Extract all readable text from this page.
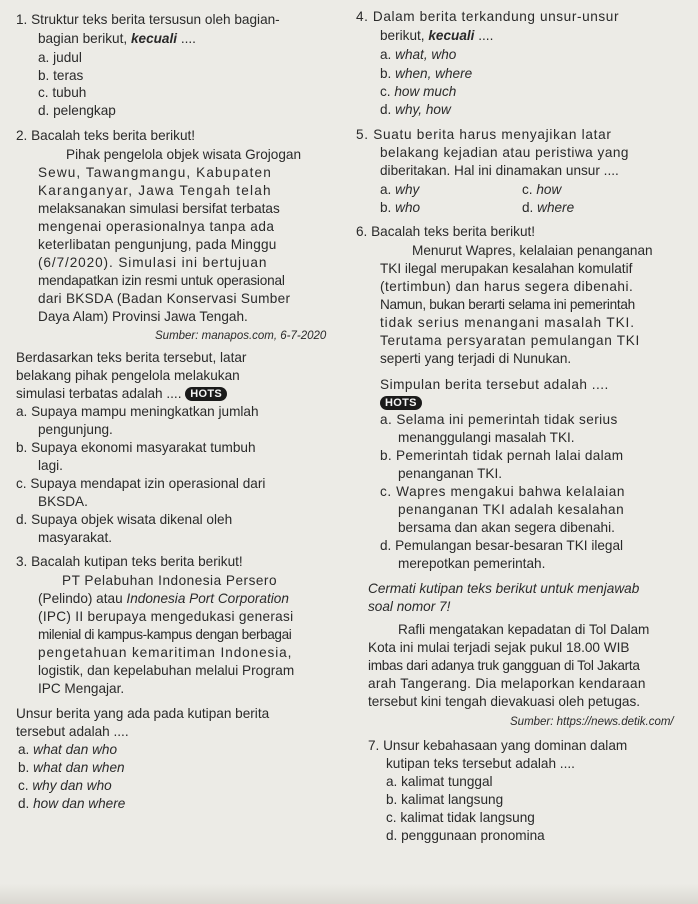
1. Struktur teks berita tersusun oleh bagian-
bagian berikut, kecuali ....
a. judul
b. teras
c. tubuh
d. pelengkap
2. Bacalah teks berita berikut!
Pihak pengelola objek wisata Grojogan
Sewu, Tawangmangu, Kabupaten
Karanganyar, Jawa Tengah telah
melaksanakan simulasi bersifat terbatas
mengenai operasionalnya tanpa ada
keterlibatan pengunjung, pada Minggu
(6/7/2020). Simulasi ini bertujuan
mendapatkan izin resmi untuk operasional
dari BKSDA (Badan Konservasi Sumber
Daya Alam) Provinsi Jawa Tengah.
Sumber: manapos.com, 6-7-2020
Berdasarkan teks berita tersebut, latar
belakang pihak pengelola melakukan
simulasi terbatas adalah .... HOTS
a. Supaya mampu meningkatkan jumlah
pengunjung.
b. Supaya ekonomi masyarakat tumbuh
lagi.
c. Supaya mendapat izin operasional dari
BKSDA.
d. Supaya objek wisata dikenal oleh
masyarakat.
3. Bacalah kutipan teks berita berikut!
PT Pelabuhan Indonesia Persero
(Pelindo) atau Indonesia Port Corporation
(IPC) II berupaya mengedukasi generasi
milenial di kampus-kampus dengan berbagai
pengetahuan kemaritiman Indonesia,
logistik, dan kepelabuhan melalui Program
IPC Mengajar.
Unsur berita yang ada pada kutipan berita
tersebut adalah ....
a. what dan who
b. what dan when
c. why dan who
d. how dan where
4. Dalam berita terkandung unsur-unsur
berikut, kecuali ....
a. what, who
b. when, where
c. how much
d. why, how
5. Suatu berita harus menyajikan latar
belakang kejadian atau peristiwa yang
diberitakan. Hal ini dinamakan unsur ....
a. why	c. how
b. who	d. where
6. Bacalah teks berita berikut!
Menurut Wapres, kelalaian penanganan
TKI ilegal merupakan kesalahan komulatif
(tertimbun) dan harus segera dibenahi.
Namun, bukan berarti selama ini pemerintah
tidak serius menangani masalah TKI.
Terutama persyaratan pemulangan TKI
seperti yang terjadi di Nunukan.
Simpulan berita tersebut adalah ....
HOTS
a. Selama ini pemerintah tidak serius
menanggulangi masalah TKI.
b. Pemerintah tidak pernah lalai dalam
penanganan TKI.
c. Wapres mengakui bahwa kelalaian
penanganan TKI adalah kesalahan
bersama dan akan segera dibenahi.
d. Pemulangan besar-besaran TKI ilegal
merepotkan pemerintah.
Cermati kutipan teks berikut untuk menjawab
soal nomor 7!
Rafli mengatakan kepadatan di Tol Dalam
Kota ini mulai terjadi sejak pukul 18.00 WIB
imbas dari adanya truk gangguan di Tol Jakarta
arah Tangerang. Dia melaporkan kendaraan
tersebut kini tengah dievakuasi oleh petugas.
Sumber: https://news.detik.com/
7. Unsur kebahasaan yang dominan dalam
kutipan teks tersebut adalah ....
a. kalimat tunggal
b. kalimat langsung
c. kalimat tidak langsung
d. penggunaan pronomina
